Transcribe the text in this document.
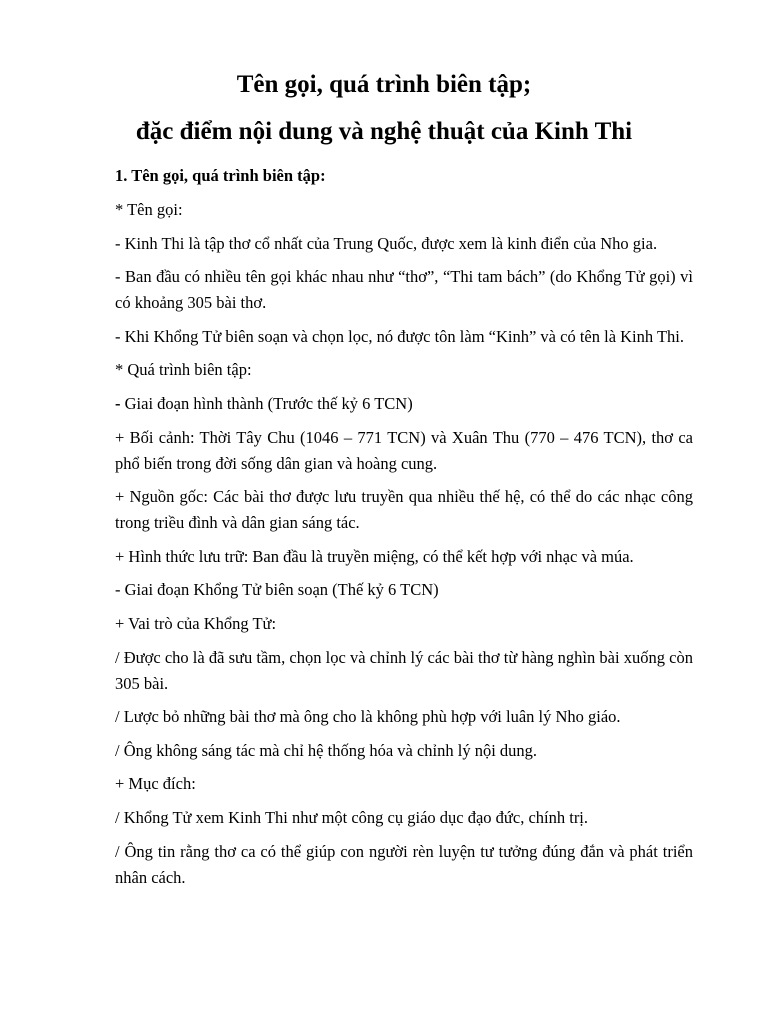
Tên gọi, quá trình biên tập;
đặc điểm nội dung và nghệ thuật của Kinh Thi

1. Tên gọi, quá trình biên tập:

* Tên gọi:

- Kinh Thi là tập thơ cổ nhất của Trung Quốc, được xem là kinh điển của Nho gia.

- Ban đầu có nhiều tên gọi khác nhau như “thơ”, “Thi tam bách” (do Khổng Tử gọi) vì có khoảng 305 bài thơ.

- Khi Khổng Tử biên soạn và chọn lọc, nó được tôn làm “Kinh” và có tên là Kinh Thi.

* Quá trình biên tập:

- Giai đoạn hình thành (Trước thế kỷ 6 TCN)

+ Bối cảnh: Thời Tây Chu (1046 – 771 TCN) và Xuân Thu (770 – 476 TCN), thơ ca phổ biến trong đời sống dân gian và hoàng cung.

+ Nguồn gốc: Các bài thơ được lưu truyền qua nhiều thế hệ, có thể do các nhạc công trong triều đình và dân gian sáng tác.

+ Hình thức lưu trữ: Ban đầu là truyền miệng, có thể kết hợp với nhạc và múa.

- Giai đoạn Khổng Tử biên soạn (Thế kỷ 6 TCN)

+ Vai trò của Khổng Tử:

/ Được cho là đã sưu tầm, chọn lọc và chỉnh lý các bài thơ từ hàng nghìn bài xuống còn 305 bài.

/ Lược bỏ những bài thơ mà ông cho là không phù hợp với luân lý Nho giáo.

/ Ông không sáng tác mà chỉ hệ thống hóa và chỉnh lý nội dung.

+ Mục đích:

/ Khổng Tử xem Kinh Thi như một công cụ giáo dục đạo đức, chính trị.

/ Ông tin rằng thơ ca có thể giúp con người rèn luyện tư tưởng đúng đắn và phát triển nhân cách.
